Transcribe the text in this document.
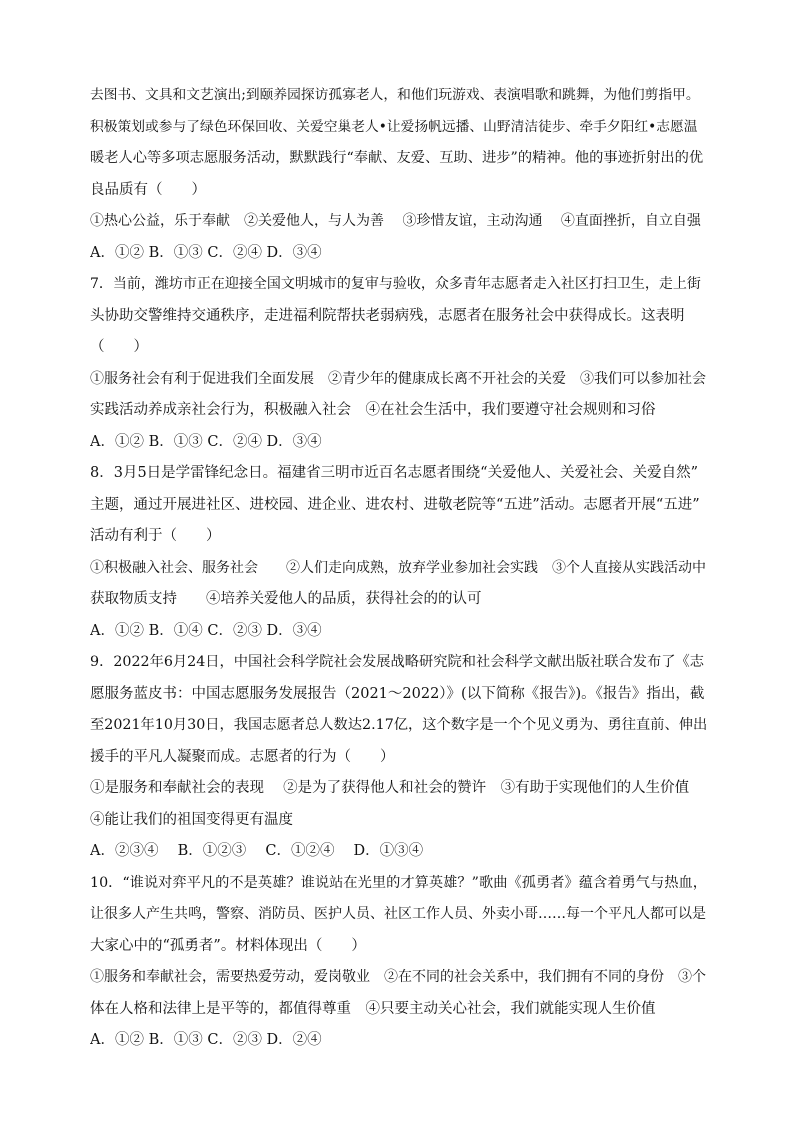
去图书、文具和文艺演出;到颐养园探访孤寡老人，和他们玩游戏、表演唱歌和跳舞，为他们剪指甲。
积极策划或参与了绿色环保回收、关爱空巢老人•让爱扬帆远播、山野清洁徒步、牵手夕阳红•志愿温
暖老人心等多项志愿服务活动，默默践行“奉献、友爱、互助、进步”的精神。他的事迹折射出的优
良品质有（　　）
①热心公益，乐于奉献　②关爱他人，与人为善　 ③珍惜友谊，主动沟通　 ④直面挫折，自立自强
A．①② B．①③ C．②④ D．③④
7．当前，潍坊市正在迎接全国文明城市的复审与验收，众多青年志愿者走入社区打扫卫生，走上街
头协助交警维持交通秩序，走进福利院帮扶老弱病残，志愿者在服务社会中获得成长。这表明
（　　）
①服务社会有利于促进我们全面发展　②青少年的健康成长离不开社会的关爱　③我们可以参加社会
实践活动养成亲社会行为，积极融入社会　④在社会生活中，我们要遵守社会规则和习俗
A．①② B．①③ C．②④ D．③④
8．3月5日是学雷锋纪念日。福建省三明市近百名志愿者围绕“关爱他人、关爱社会、关爱自然”
主题，通过开展进社区、进校园、进企业、进农村、进敬老院等“五进”活动。志愿者开展“五进”
活动有利于（　　）
①积极融入社会、服务社会　　②人们走向成熟，放弃学业参加社会实践　③个人直接从实践活动中
获取物质支持　　④培养关爱他人的品质，获得社会的的认可
A．①② B．①④ C．②③ D．③④
9．2022年6月24日，中国社会科学院社会发展战略研究院和社会科学文献出版社联合发布了《志
愿服务蓝皮书：中国志愿服务发展报告（2021～2022）》(以下简称《报告》)。《报告》指出，截
至2021年10月30日，我国志愿者总人数达2.17亿，这个数字是一个个见义勇为、勇往直前、伸出
援手的平凡人凝聚而成。志愿者的行为（　　）
①是服务和奉献社会的表现　 ②是为了获得他人和社会的赞许　③有助于实现他们的人生价值
④能让我们的祖国变得更有温度
A．②③④　 B．①②③　 C．①②④　 D．①③④
10．“谁说对弈平凡的不是英雄？谁说站在光里的才算英雄？”歌曲《孤勇者》蕴含着勇气与热血，
让很多人产生共鸣，警察、消防员、医护人员、社区工作人员、外卖小哥……每一个平凡人都可以是
大家心中的“孤勇者”。材料体现出（　　）
①服务和奉献社会，需要热爱劳动，爱岗敬业　②在不同的社会关系中，我们拥有不同的身份　③个
体在人格和法律上是平等的，都值得尊重　④只要主动关心社会，我们就能实现人生价值
A．①② B．①③ C．②③ D．②④
